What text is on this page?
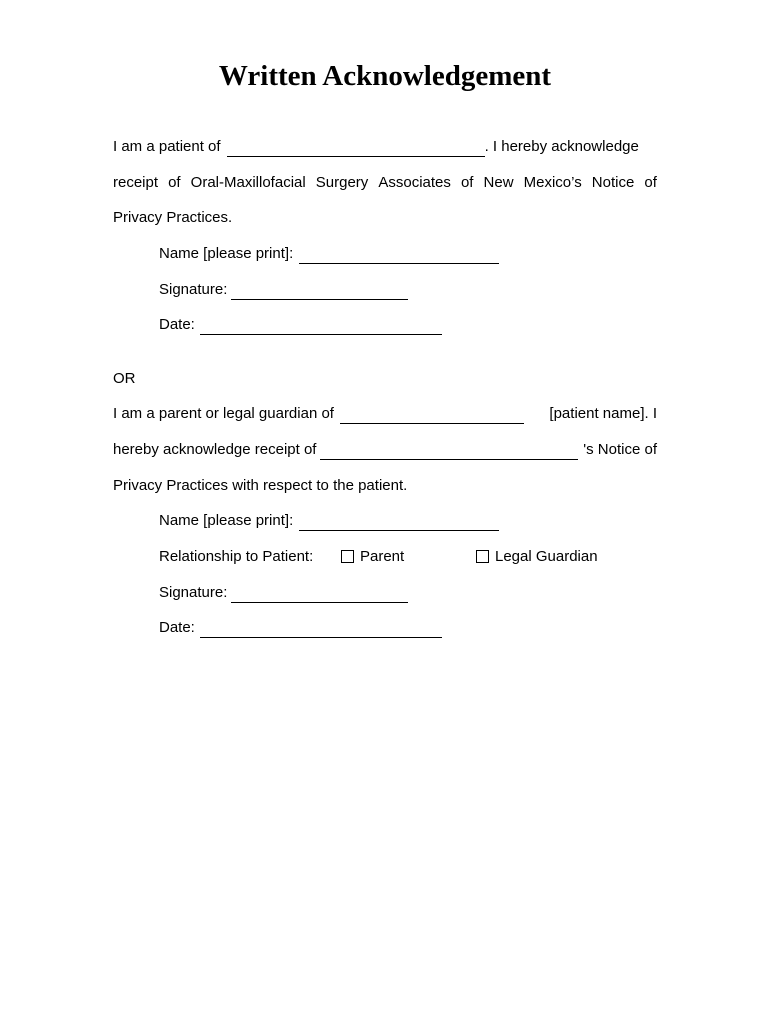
Written Acknowledgement
I am a patient of	. I hereby acknowledge
receipt of Oral-Maxillofacial Surgery Associates of New Mexico’s Notice of
Privacy Practices.
Name [please print]:
Signature:
Date:
OR
I am a parent or legal guardian of	[patient name]. I
hereby acknowledge receipt of	's Notice of
Privacy Practices with respect to the patient.
Name [please print]:
Relationship to Patient:	Parent	Legal Guardian
Signature:
Date:
